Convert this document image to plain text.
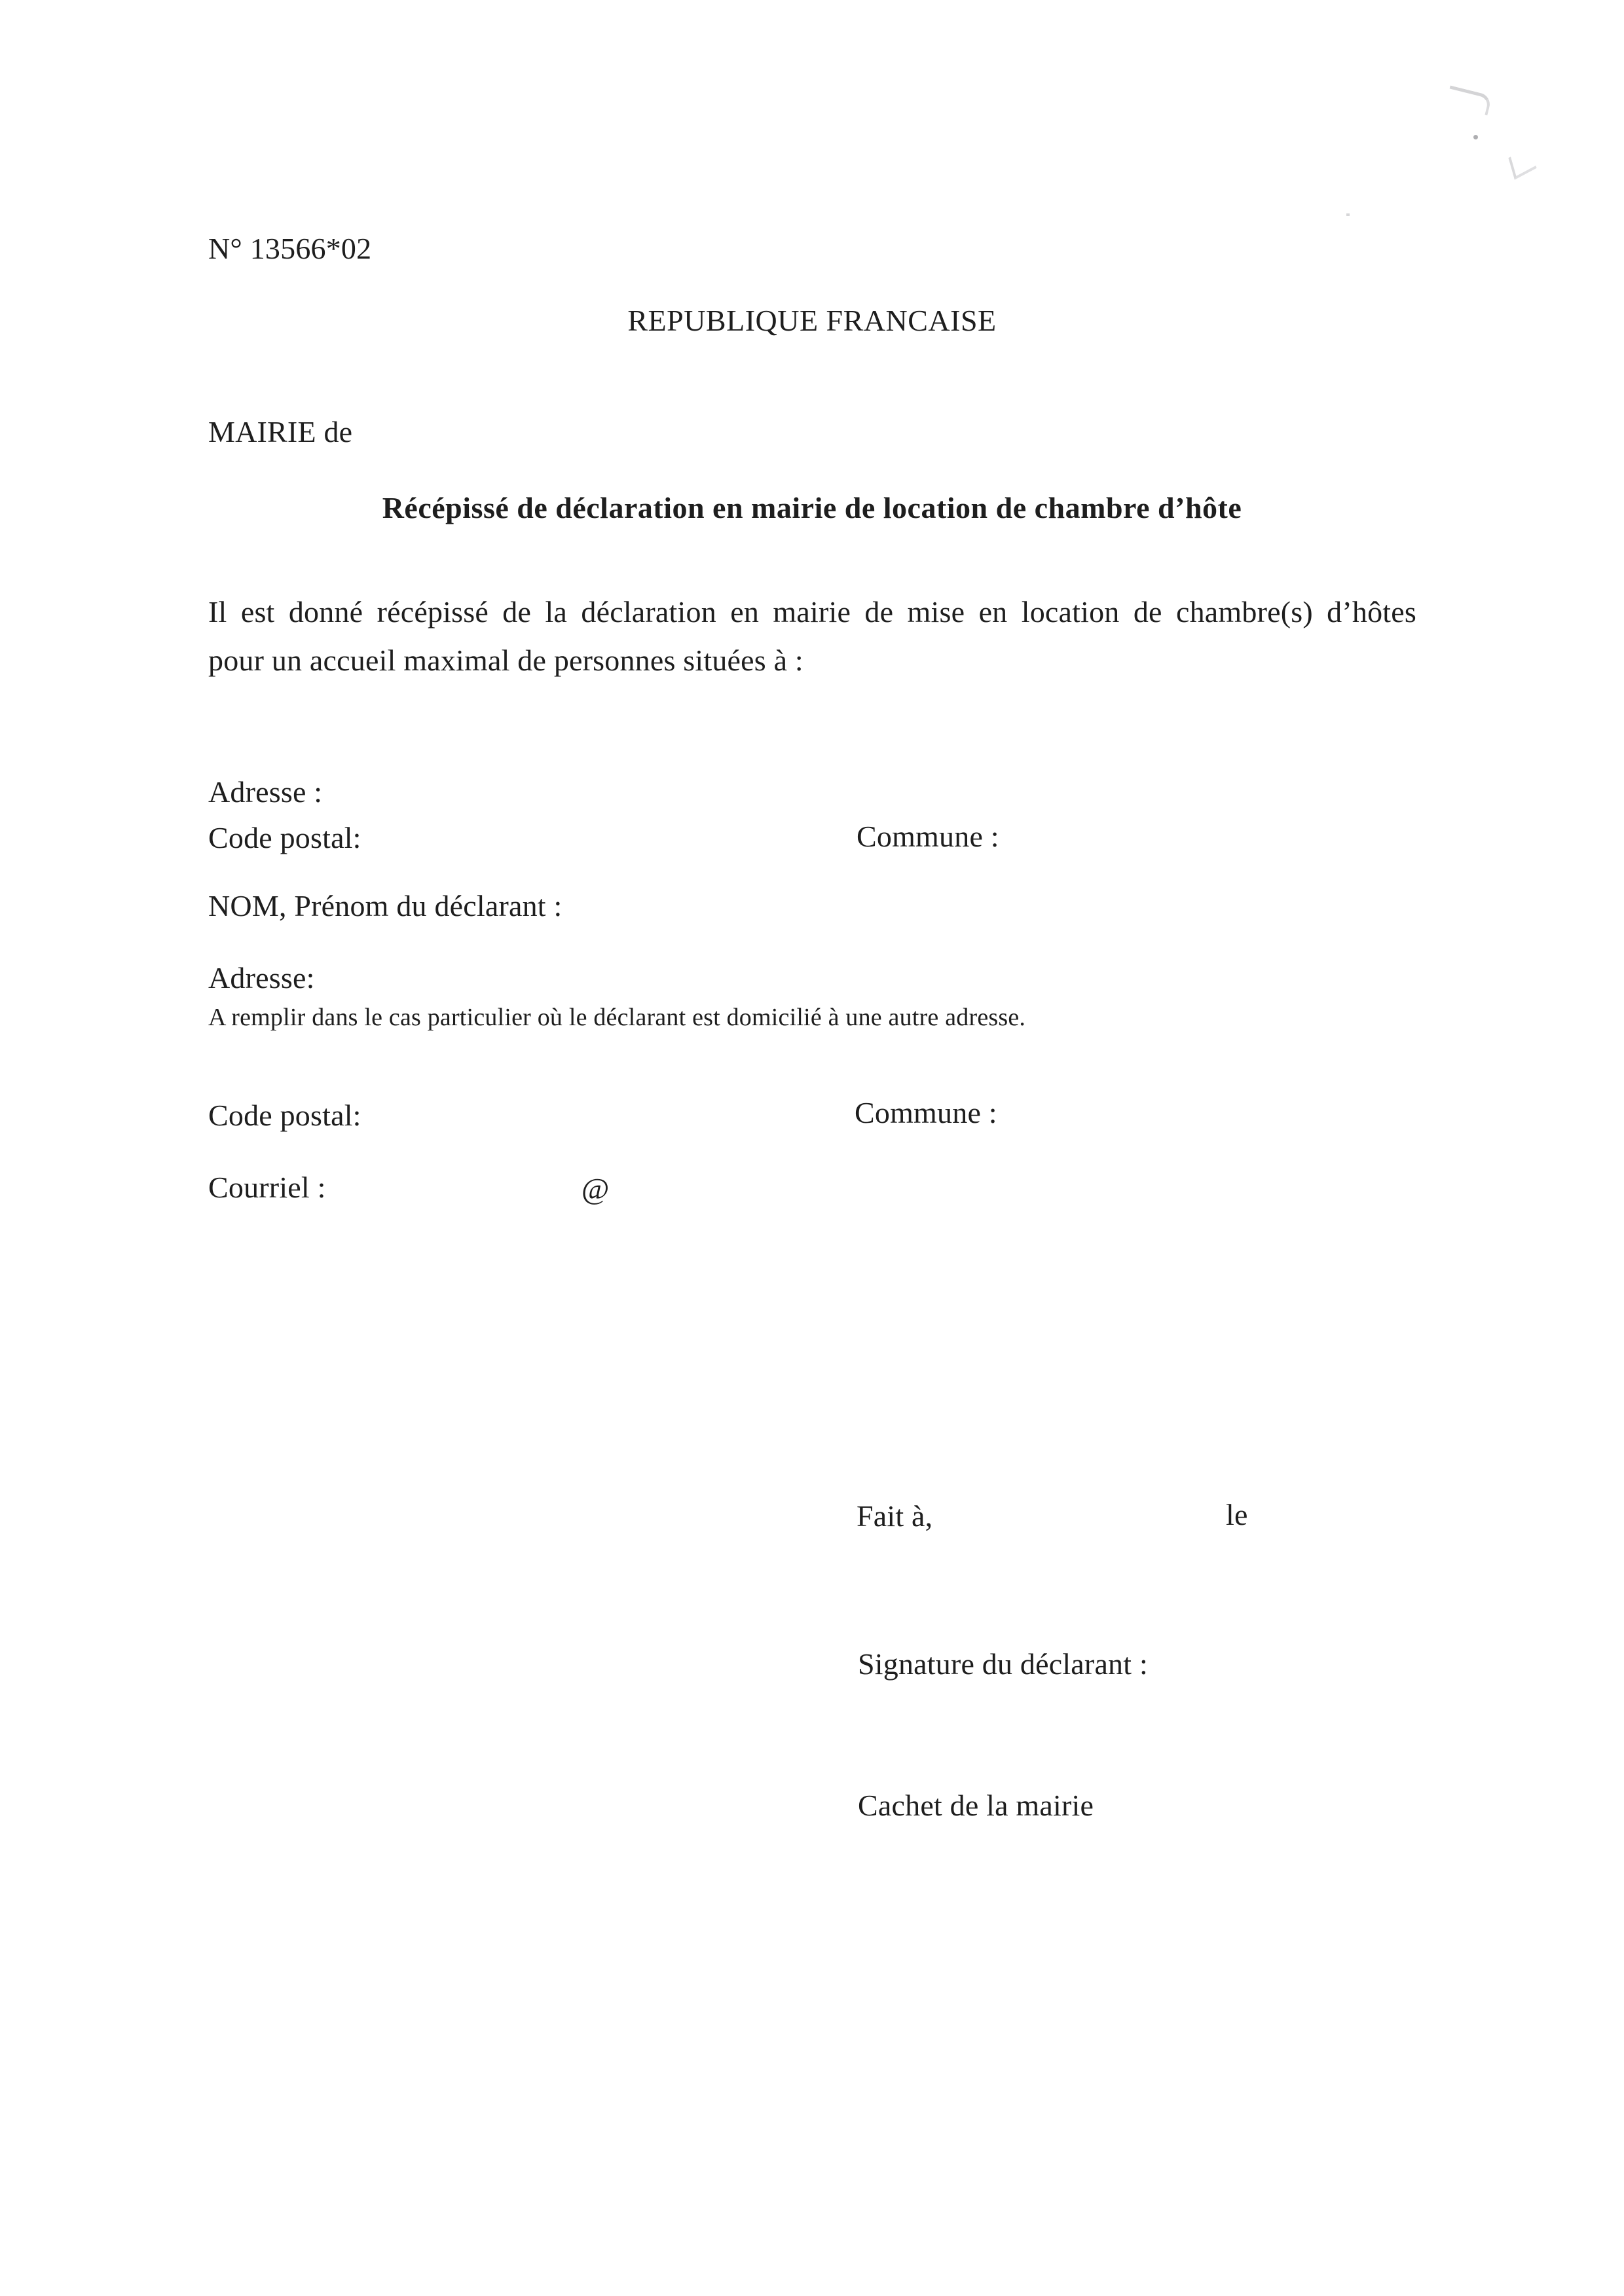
N° 13566*02
REPUBLIQUE FRANCAISE
MAIRIE de
Récépissé de déclaration en mairie de location de chambre d’hôte
Il est donné récépissé de la déclaration en mairie de mise en location de chambre(s) d’hôtes
pour un accueil maximal de personnes situées à :
Adresse :
Code postal:	Commune :
NOM, Prénom du déclarant :
Adresse:
A remplir dans le cas particulier où le déclarant est domicilié à une autre adresse.
Code postal:	Commune :
Courriel :	@
Fait à,	le
Signature du déclarant :
Cachet de la mairie
